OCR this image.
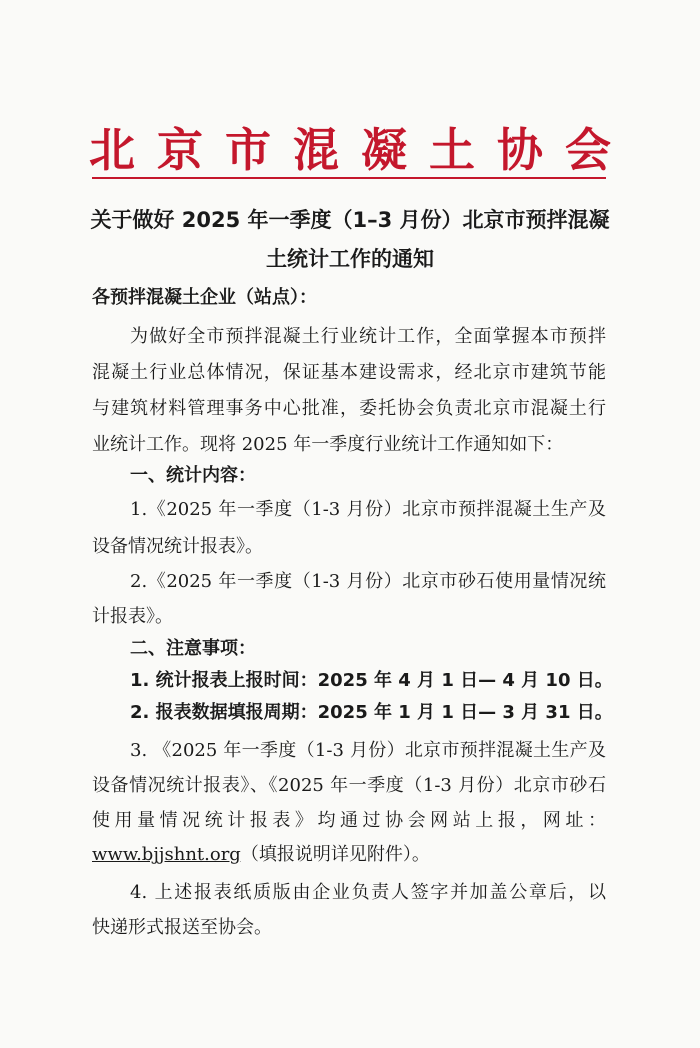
北京市混凝土协会
关于做好 2025 年一季度（1–3 月份）北京市预拌混凝
土统计工作的通知
各预拌混凝土企业（站点）：
为做好全市预拌混凝土行业统计工作，全面掌握本市预拌
混凝土行业总体情况，保证基本建设需求，经北京市建筑节能
与建筑材料管理事务中心批准，委托协会负责北京市混凝土行
业统计工作。现将 2025 年一季度行业统计工作通知如下：
一、统计内容：
1.《2025 年一季度（1-3 月份）北京市预拌混凝土生产及
设备情况统计报表》。
2.《2025 年一季度（1-3 月份）北京市砂石使用量情况统
计报表》。
二、注意事项：
1. 统计报表上报时间：2025 年 4 月 1 日— 4 月 10 日。
2. 报表数据填报周期：2025 年 1 月 1 日— 3 月 31 日。
3. 《2025 年一季度（1-3 月份）北京市预拌混凝土生产及
设备情况统计报表》、《2025 年一季度（1-3 月份）北京市砂石
使用量情况统计报表》均通过协会网站上报，网址：
www.bjjshnt.org（填报说明详见附件）。
4. 上述报表纸质版由企业负责人签字并加盖公章后，以
快递形式报送至协会。
